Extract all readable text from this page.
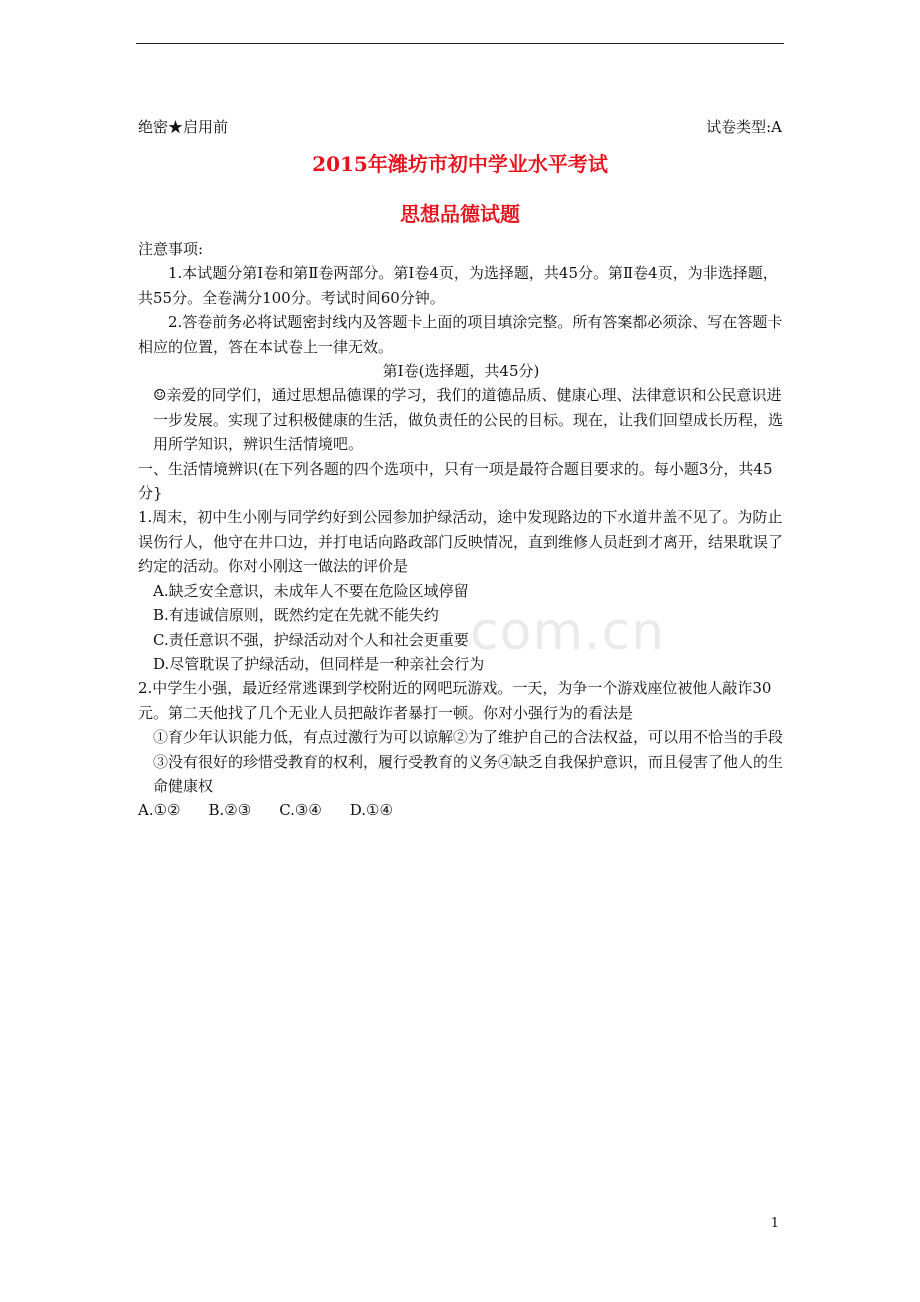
绝密★启用前	试卷类型:A
2015年潍坊市初中学业水平考试
思想品德试题

注意事项:

1.本试题分第Ⅰ卷和第Ⅱ卷两部分。第Ⅰ卷4页，为选择题，共45分。第Ⅱ卷4页，为非选择题，共55分。全卷满分100分。考试时间60分钟。

2.答卷前务必将试题密封线内及答题卡上面的项目填涂完整。所有答案都必须涂、写在答题卡相应的位置，答在本试卷上一律无效。

第Ⅰ卷(选择题，共45分)

☺亲爱的同学们，通过思想品德课的学习，我们的道德品质、健康心理、法律意识和公民意识进一步发展。实现了过积极健康的生活，做负责任的公民的目标。现在，让我们回望成长历程，选用所学知识，辨识生活情境吧。

一、生活情境辨识(在下列各题的四个选项中，只有一项是最符合题目要求的。每小题3分，共45分}

1.周末，初中生小刚与同学约好到公园参加护绿活动，途中发现路边的下水道井盖不见了。为防止误伤行人，他守在井口边，并打电话向路政部门反映情况，直到维修人员赶到才离开，结果耽误了约定的活动。你对小刚这一做法的评价是

A.缺乏安全意识，未成年人不要在危险区域停留

B.有违诚信原则，既然约定在先就不能失约

C.责任意识不强，护绿活动对个人和社会更重要

D.尽管耽误了护绿活动，但同样是一种亲社会行为

2.中学生小强，最近经常逃课到学校附近的网吧玩游戏。一天，为争一个游戏座位被他人敲诈30元。第二天他找了几个无业人员把敲诈者暴打一顿。你对小强行为的看法是

①育少年认识能力低，有点过激行为可以谅解②为了维护自己的合法权益，可以用不恰当的手段③没有很好的珍惜受教育的权利，履行受教育的义务④缺乏自我保护意识，而且侵害了他人的生命健康权

A.①② B.②③ C.③④ D.①④

com.cn
1
